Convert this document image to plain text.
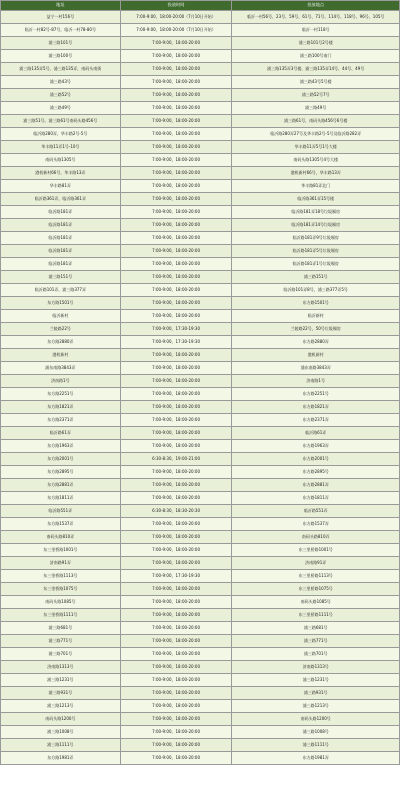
地址	投放时间	投放地点
益宁一村156号	7:00-9:00，18:00-20:00（7月10日开始）	临沂一村56号、23号、59号、61号、71号、114号、118号、96号、105号
临沂一村82号-87号，临沂一村78-80号	7:00-9:00，18:00-20:00（7月10日开始）	临沂一村118号
浦三路101号	7:00-9:00，18:00-20:00	浦三路101号2号楼
浦三路100号	7:00-9:00，18:00-20:00	浦三路100号南门
浦三路135弄5号，浦三路135弄，南码头南街	7:00-9:00，18:00-20:00	浦三路135弄3号楼，浦三路135弄14号、44号、49号
浦三路43号	7:00-9:00，18:00-20:00	浦三路43号5号楼
浦三路52号	7:00-9:00，18:00-20:00	浦三路52号7号
浦三路49号	7:00-9:00，18:00-20:00	浦三路49号
浦三路51号、浦三路61号南码头路456号	7:00-9:00，18:00-20:00	浦三路61号，南码头路456号6号楼
临沂路280弄，华丰路2号-5号	7:00-9:00，18:00-20:00	临沂路280弄27号及华丰路2号-5号及临沂路282弄
华丰路11弄1号-10号	7:00-9:00，18:00-20:00	华丰路11弄5号1号大楼
南码头路1305号	7:00-9:00，18:00-20:00	南码头路1305号4号大楼
港机新村66号，华丰路13弄	7:00-9:00，18:00-20:00	港机新村66号，华丰路13弄
华丰路81弄	7:00-9:00，18:00-20:00	华丰路81弄北门
临沂路361弄，临沂路361弄	7:00-9:00，18:00-20:00	临沂路361弄15号楼
临沂路181弄	7:00-9:00，18:00-20:00	临沂路181弄18号垃圾厢房
临沂路181弄	7:00-9:00，18:00-20:00	临沂路181弄14号垃圾厢房
临沂路181弄	7:00-9:00，18:00-20:00	临沂路181弄9号垃圾厢房
临沂路181弄	7:00-9:00，18:00-20:00	临沂路181弄5号垃圾厢房
临沂路181弄	7:00-9:00，18:00-20:00	临沂路181弄1号垃圾厢房
浦三路151号	7:00-9:00，18:00-20:00	浦三路151号
临沂路101弄，浦三路377弄	7:00-9:00，18:00-20:00	临沂路101弄8号，浦三路377弄5号
东方路1501号	7:00-9:00，18:00-20:00	东方路1501号
临沂新村	7:00-9:00，18:00-20:00	临沂新村
兰陵路22号	7:00-9:00，17:30-19:30	兰陵路22号，50号垃圾厢房
东方路2880弄	7:00-9:00，17:30-19:30	东方路2880弄
港机新村	7:00-9:00，18:00-20:00	港机新村
浦东南路3843弄	7:00-9:00，18:00-20:00	浦东南路3843弄
济南路1号	7:00-9:00，18:00-20:00	济南路1号
东方路2251号	7:00-9:00，18:00-20:00	东方路2251号
东方路1821弄	7:00-9:00，18:00-20:00	东方路1821弄
东方路2371弄	7:00-9:00，18:00-20:00	东方路2371弄
临沂路61弄	7:00-9:00，18:00-20:00	临沂路61弄
东方路1963弄	7:00-9:00，18:00-20:00	东方路1963弄
东方路2001号	6:30-8:30，19:00-21:00	东方路2001号
东方路2895号	7:00-9:00，18:00-20:00	东方路2895号
东方路2881弄	7:00-9:00，18:00-20:00	东方路2881弄
东方路1811弄	7:00-9:00，18:00-20:00	东方路1811弄
临沂路551弄	6:30-8:30，18:30-20:30	临沂路551弄
东方路1537弄	7:00-9:00，18:00-20:00	东方路1537弄
南码头路810弄	7:00-9:00，18:00-20:00	南码头路810弄
东三里桥路1001号	7:00-9:00，18:00-20:00	东三里桥路1001号
济南路91弄	7:00-9:00，18:00-20:00	济南路91弄
东三里桥路1113号	7:00-9:00，17:30-19:30	东三里桥路1113号
东三里桥路1075号	7:00-9:00，18:00-20:00	东三里桥路1075号
南码头路1085号	7:00-9:00，18:00-20:00	南码头路1085号
东三里桥路1111号	7:00-9:00，18:00-20:00	东三里桥路1111号
浦三路681号	7:00-9:00，18:00-20:00	浦三路681号
浦三路771号	7:00-9:00，18:00-20:00	浦三路771号
浦三路701号	7:00-9:00，18:00-20:00	浦三路701号
济南路1313号	7:00-9:00，18:00-20:00	济南路1313号
浦三路1231号	7:00-9:00，18:00-20:00	浦三路1231号
浦三路931号	7:00-9:00，18:00-20:00	浦三路931号
浦三路1213号	7:00-9:00，18:00-20:00	浦三路1213号
南码头路1200号	7:00-9:00，18:00-20:00	南码头路1200号
浦三路1008号	7:00-9:00，18:00-20:00	浦三路1008号
浦三路1111号	7:00-9:00，18:00-20:00	浦三路1111号
东方路1981弄	7:00-9:00，18:00-20:00	东方路1981弄
